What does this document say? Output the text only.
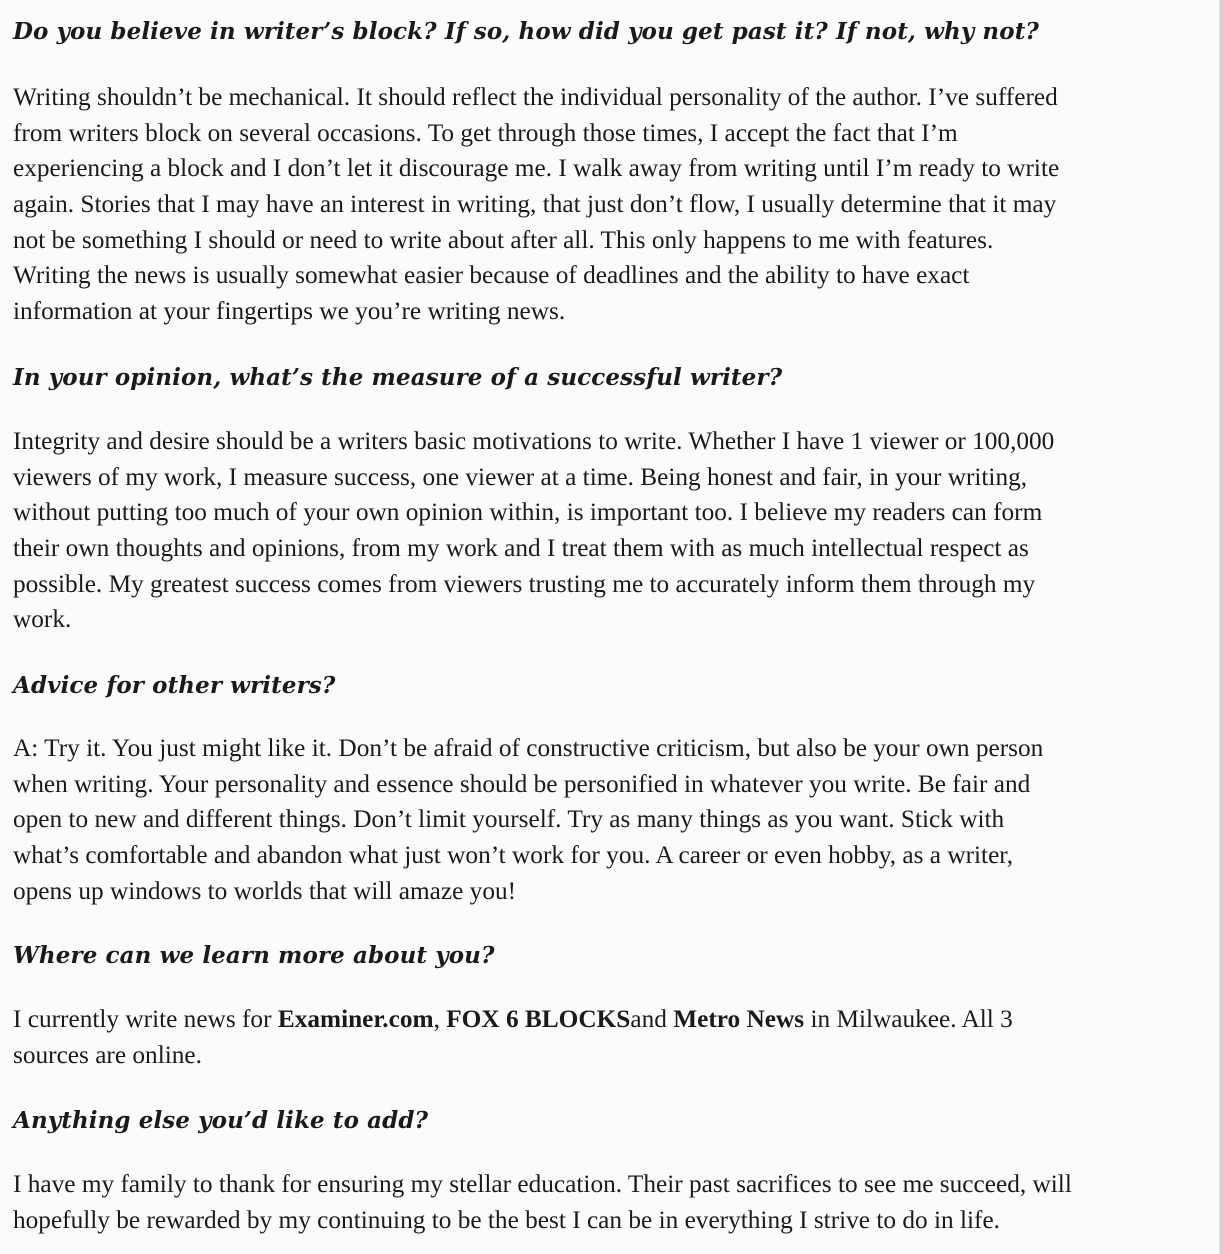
Do you believe in writer’s block? If so, how did you get past it? If not, why not?

Writing shouldn’t be mechanical. It should reflect the individual personality of the author. I’ve suffered
from writers block on several occasions. To get through those times, I accept the fact that I’m
experiencing a block and I don’t let it discourage me. I walk away from writing until I’m ready to write
again. Stories that I may have an interest in writing, that just don’t flow, I usually determine that it may
not be something I should or need to write about after all. This only happens to me with features.
Writing the news is usually somewhat easier because of deadlines and the ability to have exact
information at your fingertips we you’re writing news.

In your opinion, what’s the measure of a successful writer?

Integrity and desire should be a writers basic motivations to write. Whether I have 1 viewer or 100,000
viewers of my work, I measure success, one viewer at a time. Being honest and fair, in your writing,
without putting too much of your own opinion within, is important too. I believe my readers can form
their own thoughts and opinions, from my work and I treat them with as much intellectual respect as
possible. My greatest success comes from viewers trusting me to accurately inform them through my
work.

Advice for other writers?

A: Try it. You just might like it. Don’t be afraid of constructive criticism, but also be your own person
when writing. Your personality and essence should be personified in whatever you write. Be fair and
open to new and different things. Don’t limit yourself. Try as many things as you want. Stick with
what’s comfortable and abandon what just won’t work for you. A career or even hobby, as a writer,
opens up windows to worlds that will amaze you!

Where can we learn more about you?

I currently write news for Examiner.com, FOX 6 BLOCKSand Metro News in Milwaukee. All 3
sources are online.

Anything else you’d like to add?

I have my family to thank for ensuring my stellar education. Their past sacrifices to see me succeed, will
hopefully be rewarded by my continuing to be the best I can be in everything I strive to do in life.
